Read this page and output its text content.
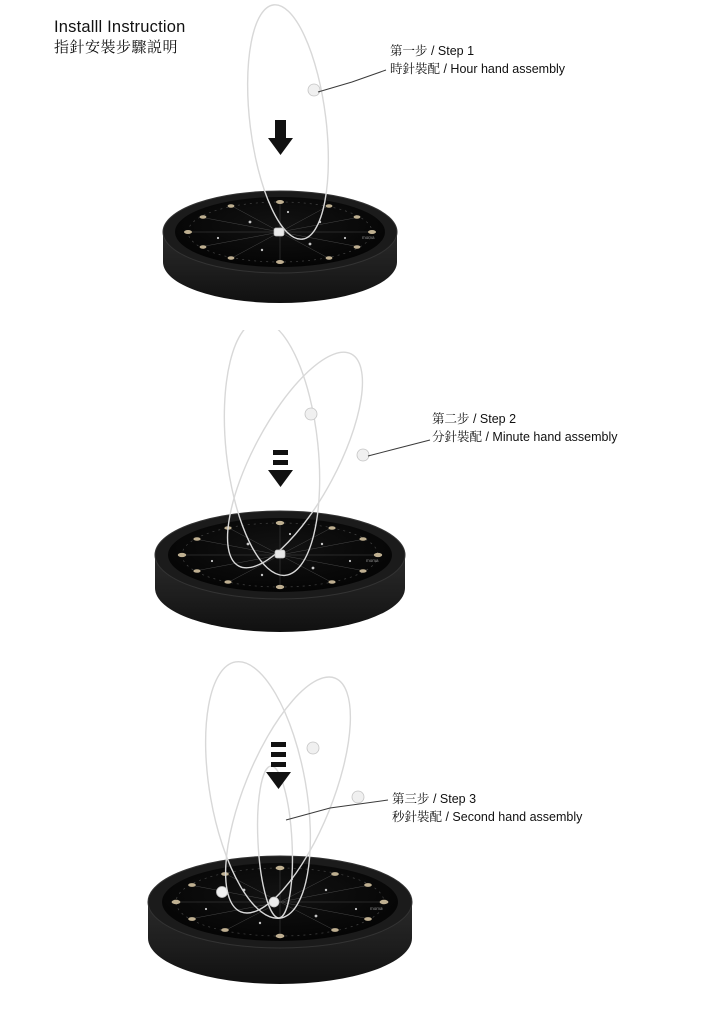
Installl Instruction
指針安裝步驟説明
moma
第一步 / Step 1
時針裝配 / Hour hand assembly
moma
第二步 / Step 2
分針裝配 / Minute hand assembly
moma
第三步 / Step 3
秒針裝配 / Second hand assembly
